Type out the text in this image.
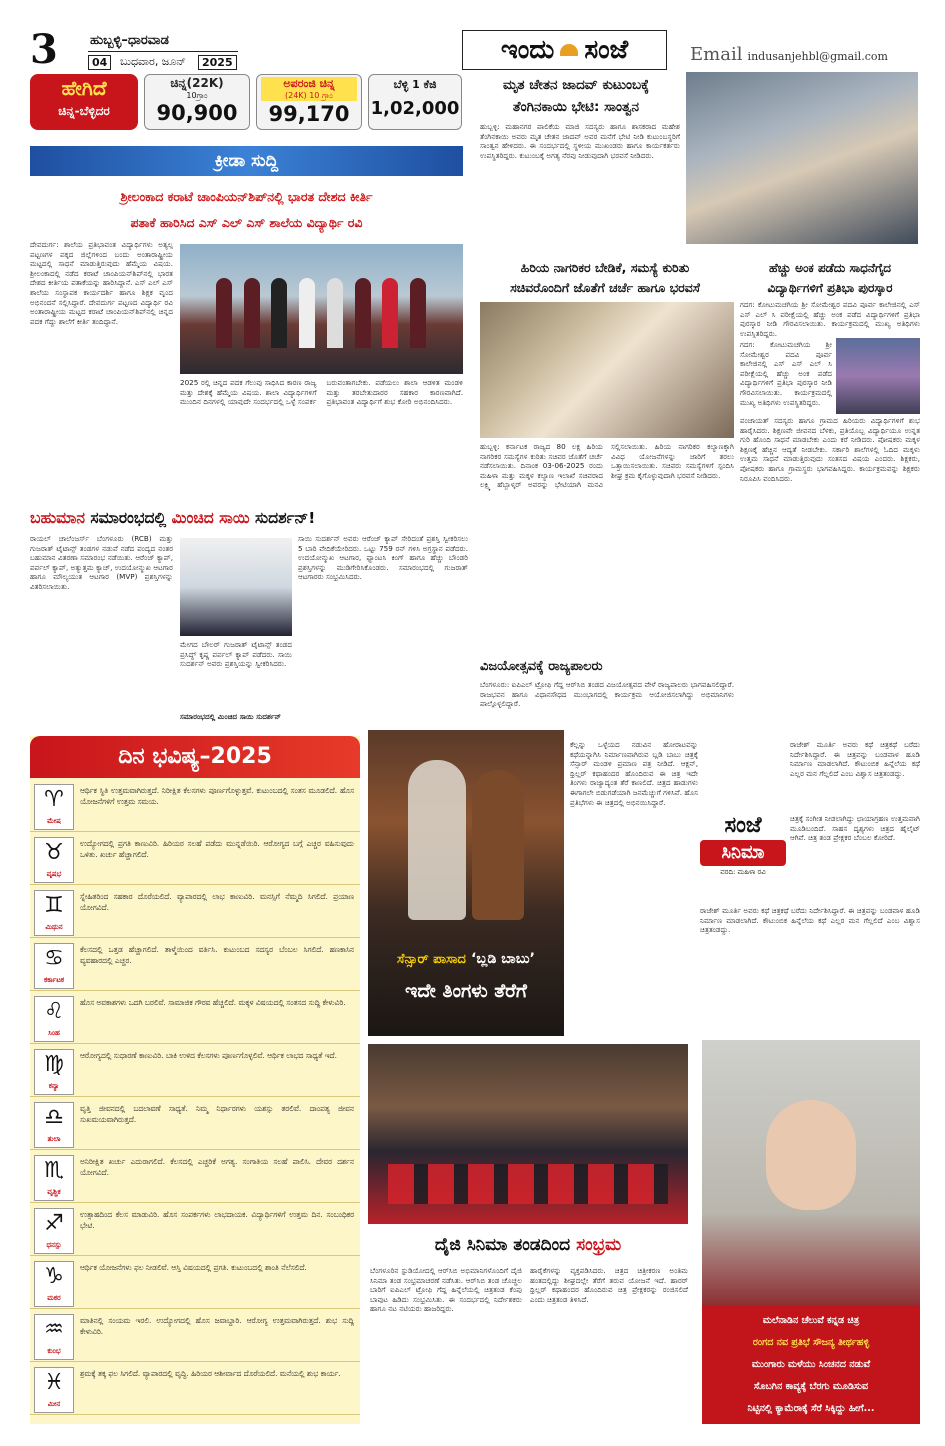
3 ಹುಬ್ಬಳ್ಳಿ–ಧಾರವಾಡ
04	ಬುಧವಾರ, ಜೂನ್	2025	ಇಂದು ಸಂಜೆ	Email indusanjehbl@gmail.com
ಹೇಗಿದೆ
ಚಿನ್ನ-ಬೆಳ್ಳಿದರ
ಚಿನ್ನ(22K)
10ಗ್ರಾಂ
90,900
ಅಪರಂಜಿ ಚಿನ್ನ
(24K) 10 ಗ್ರಾಂ
99,170
ಬೆಳ್ಳಿ 1 ಕೆಜಿ
1,02,000
ಕ್ರೀಡಾ ಸುದ್ದಿ
ಶ್ರೀಲಂಕಾದ ಕರಾಟೆ ಚಾಂಪಿಯನ್‌ಶಿಪ್‌ನಲ್ಲಿ ಭಾರತ ದೇಶದ ಕೀರ್ತಿ
ಪತಾಕೆ ಹಾರಿಸಿದ ಎಸ್ ಎಲ್ ಎಸ್ ಶಾಲೆಯ ವಿದ್ಯಾರ್ಥಿ ರವಿ
ದೇವದುರ್ಗ: ಶಾಲೆಯ ಪ್ರತಿಭಾವಂತ ವಿದ್ಯಾರ್ಥಿಗಳು ಅತ್ಯಲ್ಪ ಪಟ್ಟಣಗಳ ಪಕ್ಕದ ಜಿಲ್ಲೆಗಳಿಂದ ಬಂದು ಅಂತಾರಾಷ್ಟ್ರೀಯ ಮಟ್ಟದಲ್ಲಿ ಸಾಧನೆ ಮಾಡುತ್ತಿರುವುದು ಹೆಮ್ಮೆಯ ವಿಷಯ. ಶ್ರೀಲಂಕಾದಲ್ಲಿ ನಡೆದ ಕರಾಟೆ ಚಾಂಪಿಯನ್‌ಶಿಪ್‌ನಲ್ಲಿ ಭಾರತ ದೇಶದ ಕೀರ್ತಿಯ ಪತಾಕೆಯನ್ನು ಹಾರಿಸಿದ್ದಾನೆ. ಎಸ್ ಎಲ್ ಎಸ್ ಶಾಲೆಯ ಸಂಸ್ಥಾಪಕ ಕಾರ್ಯದರ್ಶಿ ಹಾಗೂ ಶಿಕ್ಷಕ ವೃಂದ ಅಭಿನಂದನೆ ಸಲ್ಲಿಸಿದ್ದಾರೆ. ದೇವದುರ್ಗ ಪಟ್ಟಣದ ವಿದ್ಯಾರ್ಥಿ ರವಿ ಅಂತಾರಾಷ್ಟ್ರೀಯ ಮಟ್ಟದ ಕರಾಟೆ ಚಾಂಪಿಯನ್‌ಶಿಪ್‌ನಲ್ಲಿ ಚಿನ್ನದ ಪದಕ ಗೆದ್ದು ಶಾಲೆಗೆ ಕೀರ್ತಿ ತಂದಿದ್ದಾನೆ.
2025 ರಲ್ಲಿ ಚಿನ್ನದ ಪದಕ ಗೆಲುವು ಸಾಧಿಸಿದ ಕಾರಣ ರಾಜ್ಯ ಮತ್ತು ದೇಶಕ್ಕೆ ಹೆಮ್ಮೆಯ ವಿಷಯ. ಶಾಲಾ ವಿದ್ಯಾರ್ಥಿಗಳಿಗೆ ಮುಂದಿನ ದಿನಗಳಲ್ಲಿ ಯಾವುದೇ ಸಂದರ್ಭದಲ್ಲಿ ಒಳ್ಳೆ ಸಂಪರ್ಕ ಬರುವಂತಾಗಬೇಕು. ಪಡೆಯಲು ಶಾಲಾ ಆಡಳಿತ ಮಂಡಳಿ ಮತ್ತು ತರಬೇತುದಾರರ ಸಹಕಾರ ಕಾರಣವಾಗಿದೆ. ಪ್ರತಿಭಾವಂತ ವಿದ್ಯಾರ್ಥಿಗೆ ಶುಭ ಕೋರಿ ಅಭಿನಂದಿಸಿದರು.
ಮೃತ ಚೇತನ ಜಾದವ್ ಕುಟುಂಬಕ್ಕೆ
ತೆಂಗಿನಕಾಯಿ ಭೇಟಿ: ಸಾಂತ್ವನ
ಹುಬ್ಬಳ್ಳಿ: ಮಹಾನಗರ ಪಾಲಿಕೆಯ ಮಾಜಿ ಸದಸ್ಯರು ಹಾಗೂ ಶಾಸಕರಾದ ಮಹೇಶ ತೆಂಗಿನಕಾಯಿ ಅವರು ಮೃತ ಚೇತನ ಜಾದವ್ ಅವರ ಮನೆಗೆ ಭೇಟಿ ನೀಡಿ ಕುಟುಂಬಸ್ಥರಿಗೆ ಸಾಂತ್ವನ ಹೇಳಿದರು. ಈ ಸಂದರ್ಭದಲ್ಲಿ ಸ್ಥಳೀಯ ಮುಖಂಡರು ಹಾಗೂ ಕಾರ್ಯಕರ್ತರು ಉಪಸ್ಥಿತರಿದ್ದರು. ಕುಟುಂಬಕ್ಕೆ ಅಗತ್ಯ ನೆರವು ನೀಡುವುದಾಗಿ ಭರವಸೆ ನೀಡಿದರು.
ಹಿರಿಯ ನಾಗರಿಕರ ಬೇಡಿಕೆ, ಸಮಸ್ಯೆ ಕುರಿತು
ಸಚಿವರೊಂದಿಗೆ ಜೊತೆಗೆ ಚರ್ಚೆ ಹಾಗೂ ಭರವಸೆ
ಹುಬ್ಬಳ್ಳಿ: ಕರ್ನಾಟಕ ರಾಜ್ಯದ 80 ಲಕ್ಷ ಹಿರಿಯ ನಾಗರಿಕರ ಸಮಸ್ಯೆಗಳ ಕುರಿತು ಸಚಿವರ ಜೊತೆಗೆ ಚರ್ಚೆ ನಡೆಸಲಾಯಿತು. ದಿನಾಂಕ 03-06-2025 ರಂದು ಮಹಿಳಾ ಮತ್ತು ಮಕ್ಕಳ ಕಲ್ಯಾಣ ಇಲಾಖೆ ಸಚಿವರಾದ ಲಕ್ಷ್ಮಿ ಹೆಬ್ಬಾಳ್ಕರ್ ಅವರನ್ನು ಭೇಟಿಯಾಗಿ ಮನವಿ ಸಲ್ಲಿಸಲಾಯಿತು. ಹಿರಿಯ ನಾಗರಿಕರ ಕಲ್ಯಾಣಕ್ಕಾಗಿ ವಿವಿಧ ಯೋಜನೆಗಳನ್ನು ಜಾರಿಗೆ ತರಲು ಒತ್ತಾಯಿಸಲಾಯಿತು. ಸಚಿವರು ಸಮಸ್ಯೆಗಳಿಗೆ ಸ್ಪಂದಿಸಿ ಶೀಘ್ರ ಕ್ರಮ ಕೈಗೊಳ್ಳುವುದಾಗಿ ಭರವಸೆ ನೀಡಿದರು.
ಹೆಚ್ಚು ಅಂಕ ಪಡೆದು ಸಾಧನೆಗೈದ
ವಿದ್ಯಾರ್ಥಿಗಳಿಗೆ ಪ್ರತಿಭಾ ಪುರಸ್ಕಾರ
ಗದಗ: ಕೋಟುಮಚಗಿಯ ಶ್ರೀ ಸೋಮೇಶ್ವರ ಪದವಿ ಪೂರ್ವ ಕಾಲೇಜಿನಲ್ಲಿ ಎಸ್ ಎಸ್ ಎಲ್ ಸಿ ಪರೀಕ್ಷೆಯಲ್ಲಿ ಹೆಚ್ಚು ಅಂಕ ಪಡೆದ ವಿದ್ಯಾರ್ಥಿಗಳಿಗೆ ಪ್ರತಿಭಾ ಪುರಸ್ಕಾರ ನೀಡಿ ಗೌರವಿಸಲಾಯಿತು. ಕಾರ್ಯಕ್ರಮದಲ್ಲಿ ಮುಖ್ಯ ಅತಿಥಿಗಳು ಉಪಸ್ಥಿತರಿದ್ದರು.
ಗದಗ: ಕೋಟುಮಚಗಿಯ ಶ್ರೀ ಸೋಮೇಶ್ವರ ಪದವಿ ಪೂರ್ವ ಕಾಲೇಜಿನಲ್ಲಿ ಎಸ್ ಎಸ್ ಎಲ್ ಸಿ ಪರೀಕ್ಷೆಯಲ್ಲಿ ಹೆಚ್ಚು ಅಂಕ ಪಡೆದ ವಿದ್ಯಾರ್ಥಿಗಳಿಗೆ ಪ್ರತಿಭಾ ಪುರಸ್ಕಾರ ನೀಡಿ ಗೌರವಿಸಲಾಯಿತು. ಕಾರ್ಯಕ್ರಮದಲ್ಲಿ ಮುಖ್ಯ ಅತಿಥಿಗಳು ಉಪಸ್ಥಿತರಿದ್ದರು.
ಪಂಚಾಯತ್ ಸದಸ್ಯರು ಹಾಗೂ ಗ್ರಾಮದ ಹಿರಿಯರು ವಿದ್ಯಾರ್ಥಿಗಳಿಗೆ ಶುಭ ಹಾರೈಸಿದರು. ಶಿಕ್ಷಣವೇ ಜೀವನದ ಬೆಳಕು, ಪ್ರತಿಯೊಬ್ಬ ವಿದ್ಯಾರ್ಥಿಯೂ ಉನ್ನತ ಗುರಿ ಹೊಂದಿ ಸಾಧನೆ ಮಾಡಬೇಕು ಎಂದು ಕರೆ ನೀಡಿದರು. ಪೋಷಕರು ಮಕ್ಕಳ ಶಿಕ್ಷಣಕ್ಕೆ ಹೆಚ್ಚಿನ ಆದ್ಯತೆ ನೀಡಬೇಕು. ಸರ್ಕಾರಿ ಶಾಲೆಗಳಲ್ಲಿ ಓದಿದ ಮಕ್ಕಳು ಉತ್ತಮ ಸಾಧನೆ ಮಾಡುತ್ತಿರುವುದು ಸಂತಸದ ವಿಷಯ ಎಂದರು. ಶಿಕ್ಷಕರು, ಪೋಷಕರು ಹಾಗೂ ಗ್ರಾಮಸ್ಥರು ಭಾಗವಹಿಸಿದ್ದರು. ಕಾರ್ಯಕ್ರಮವನ್ನು ಶಿಕ್ಷಕರು ನಿರೂಪಿಸಿ ವಂದಿಸಿದರು.
ಬಹುಮಾನ ಸಮಾರಂಭದಲ್ಲಿ ಮಿಂಚಿದ ಸಾಯಿ ಸುದರ್ಶನ್!
ರಾಯಲ್ ಚಾಲೆಂಜರ್ಸ್ ಬೆಂಗಳೂರು (RCB) ಮತ್ತು ಗುಜರಾತ್ ಟೈಟಾನ್ಸ್ ತಂಡಗಳ ನಡುವೆ ನಡೆದ ಪಂದ್ಯದ ನಂತರ ಬಹುಮಾನ ವಿತರಣಾ ಸಮಾರಂಭ ನಡೆಯಿತು. ಆರೆಂಜ್ ಕ್ಯಾಪ್, ಪರ್ಪಲ್ ಕ್ಯಾಪ್, ಅತ್ಯುತ್ತಮ ಕ್ಯಾಚ್, ಉದಯೋನ್ಮುಖ ಆಟಗಾರ ಹಾಗೂ ಮೌಲ್ಯಯುತ ಆಟಗಾರ (MVP) ಪ್ರಶಸ್ತಿಗಳನ್ನು ವಿತರಿಸಲಾಯಿತು.
ಮೇಗದ ಬೌಲರ್ ಗುಜರಾತ್ ಟೈಟಾನ್ಸ್ ತಂಡದ ಪ್ರಸಿದ್ಧ್ ಕೃಷ್ಣ ಪರ್ಪಲ್ ಕ್ಯಾಪ್ ಪಡೆದರು. ಸಾಯಿ ಸುದರ್ಶನ್ ಅವರು ಪ್ರಶಸ್ತಿಯನ್ನು ಸ್ವೀಕರಿಸಿದರು.
ಸಮಾರಂಭದಲ್ಲಿ ಮಿಂಚಿದ ಸಾಯಿ ಸುದರ್ಶನ್
ಸಾಯಿ ಸುದರ್ಶನ್ ಅವರು ಆರೆಂಜ್ ಕ್ಯಾಪ್ ಸೇರಿದಂತೆ ಪ್ರಶಸ್ತಿ ಸ್ವೀಕರಿಸಲು 5 ಬಾರಿ ವೇದಿಕೆಯೇರಿದರು. ಒಟ್ಟು 759 ರನ್ ಗಳಿಸಿ ಅಗ್ರಸ್ಥಾನ ಪಡೆದರು. ಉದಯೋನ್ಮುಖ ಆಟಗಾರ, ಫ್ಯಾಂಟಸಿ ಕಿಂಗ್ ಹಾಗೂ ಹೆಚ್ಚು ಬೌಂಡರಿ ಪ್ರಶಸ್ತಿಗಳನ್ನು ಮುಡಿಗೇರಿಸಿಕೊಂಡರು. ಸಮಾರಂಭದಲ್ಲಿ ಗುಜರಾತ್ ಆಟಗಾರರು ಸಂಭ್ರಮಿಸಿದರು.
ವಿಜಯೋತ್ಸವಕ್ಕೆ ರಾಜ್ಯಪಾಲರು
ಬೆಂಗಳೂರು: ಐಪಿಎಲ್ ಟ್ರೋಫಿ ಗೆದ್ದ ಆರ್‌ಸಿಬಿ ತಂಡದ ವಿಜಯೋತ್ಸವದ ವೇಳೆ ರಾಜ್ಯಪಾಲರು ಭಾಗವಹಿಸಲಿದ್ದಾರೆ. ರಾಜಭವನ ಹಾಗೂ ವಿಧಾನಸೌಧದ ಮುಂಭಾಗದಲ್ಲಿ ಕಾರ್ಯಕ್ರಮ ಆಯೋಜಿಸಲಾಗಿದ್ದು ಅಭಿಮಾನಿಗಳು ಪಾಲ್ಗೊಳ್ಳಲಿದ್ದಾರೆ.
ದಿನ ಭವಿಷ್ಯ–2025
♈
ಮೇಷ
ಆರ್ಥಿಕ ಸ್ಥಿತಿ ಉತ್ತಮವಾಗಿರುತ್ತದೆ. ನಿರೀಕ್ಷಿತ ಕೆಲಸಗಳು ಪೂರ್ಣಗೊಳ್ಳುತ್ತವೆ. ಕುಟುಂಬದಲ್ಲಿ ಸಂತಸ ಮೂಡಲಿದೆ. ಹೊಸ ಯೋಜನೆಗಳಿಗೆ ಉತ್ತಮ ಸಮಯ.
♉
ವೃಷಭ
ಉದ್ಯೋಗದಲ್ಲಿ ಪ್ರಗತಿ ಕಾಣುವಿರಿ. ಹಿರಿಯರ ಸಲಹೆ ಪಡೆದು ಮುನ್ನಡೆಯಿರಿ. ಆರೋಗ್ಯದ ಬಗ್ಗೆ ಎಚ್ಚರ ವಹಿಸುವುದು ಒಳಿತು. ಖರ್ಚು ಹೆಚ್ಚಾಗಲಿದೆ.
♊
ಮಿಥುನ
ಸ್ನೇಹಿತರಿಂದ ಸಹಕಾರ ದೊರೆಯಲಿದೆ. ವ್ಯಾಪಾರದಲ್ಲಿ ಲಾಭ ಕಾಣುವಿರಿ. ಮನಸ್ಸಿಗೆ ನೆಮ್ಮದಿ ಸಿಗಲಿದೆ. ಪ್ರಯಾಣ ಯೋಗವಿದೆ.
♋
ಕರ್ಕಾಟಕ
ಕೆಲಸದಲ್ಲಿ ಒತ್ತಡ ಹೆಚ್ಚಾಗಲಿದೆ. ತಾಳ್ಮೆಯಿಂದ ವರ್ತಿಸಿ. ಕುಟುಂಬದ ಸದಸ್ಯರ ಬೆಂಬಲ ಸಿಗಲಿದೆ. ಹಣಕಾಸಿನ ವ್ಯವಹಾರದಲ್ಲಿ ಎಚ್ಚರ.
♌
ಸಿಂಹ
ಹೊಸ ಅವಕಾಶಗಳು ಒದಗಿ ಬರಲಿವೆ. ಸಾಮಾಜಿಕ ಗೌರವ ಹೆಚ್ಚಲಿದೆ. ಮಕ್ಕಳ ವಿಷಯದಲ್ಲಿ ಸಂತಸದ ಸುದ್ದಿ ಕೇಳುವಿರಿ.
♍
ಕನ್ಯಾ
ಆರೋಗ್ಯದಲ್ಲಿ ಸುಧಾರಣೆ ಕಾಣುವಿರಿ. ಬಾಕಿ ಉಳಿದ ಕೆಲಸಗಳು ಪೂರ್ಣಗೊಳ್ಳಲಿವೆ. ಆರ್ಥಿಕ ಲಾಭದ ಸಾಧ್ಯತೆ ಇದೆ.
♎
ತುಲಾ
ವೃತ್ತಿ ಜೀವನದಲ್ಲಿ ಬದಲಾವಣೆ ಸಾಧ್ಯತೆ. ನಿಮ್ಮ ನಿರ್ಧಾರಗಳು ಯಶಸ್ಸು ತರಲಿವೆ. ದಾಂಪತ್ಯ ಜೀವನ ಸುಖಮಯವಾಗಿರುತ್ತದೆ.
♏
ವೃಶ್ಚಿಕ
ಅನಿರೀಕ್ಷಿತ ಖರ್ಚು ಎದುರಾಗಲಿದೆ. ಕೆಲಸದಲ್ಲಿ ಎಚ್ಚರಿಕೆ ಅಗತ್ಯ. ಸಂಗಾತಿಯ ಸಲಹೆ ಪಾಲಿಸಿ. ದೇವರ ದರ್ಶನ ಯೋಗವಿದೆ.
♐
ಧನಸ್ಸು
ಉತ್ಸಾಹದಿಂದ ಕೆಲಸ ಮಾಡುವಿರಿ. ಹೊಸ ಸಂಪರ್ಕಗಳು ಲಾಭದಾಯಕ. ವಿದ್ಯಾರ್ಥಿಗಳಿಗೆ ಉತ್ತಮ ದಿನ. ಸಂಬಂಧಿಕರ ಭೇಟಿ.
♑
ಮಕರ
ಆರ್ಥಿಕ ಯೋಜನೆಗಳು ಫಲ ನೀಡಲಿವೆ. ಆಸ್ತಿ ವಿಷಯದಲ್ಲಿ ಪ್ರಗತಿ. ಕುಟುಂಬದಲ್ಲಿ ಶಾಂತಿ ನೆಲೆಸಲಿದೆ.
♒
ಕುಂಭ
ಮಾತಿನಲ್ಲಿ ಸಂಯಮ ಇರಲಿ. ಉದ್ಯೋಗದಲ್ಲಿ ಹೊಸ ಜವಾಬ್ದಾರಿ. ಆರೋಗ್ಯ ಉತ್ತಮವಾಗಿರುತ್ತದೆ. ಶುಭ ಸುದ್ದಿ ಕೇಳುವಿರಿ.
♓
ಮೀನ
ಶ್ರಮಕ್ಕೆ ತಕ್ಕ ಫಲ ಸಿಗಲಿದೆ. ವ್ಯಾಪಾರದಲ್ಲಿ ವೃದ್ಧಿ. ಹಿರಿಯರ ಆಶೀರ್ವಾದ ದೊರೆಯಲಿದೆ. ಮನೆಯಲ್ಲಿ ಶುಭ ಕಾರ್ಯ.
ಸೆನ್ಸಾರ್ ಪಾಸಾದ ‘ಬ್ಲಡಿ ಬಾಬು’
ಇದೇ ತಿಂಗಳು ತೆರೆಗೆ
ಕೆಲ್ಲನ್ನು ಒಳ್ಳೆಯದ ನಡುವಿನ ಹೋರಾಟವನ್ನು ಕಥೆಯನ್ನಾಗಿಸಿ ನಿರ್ಮಾಣವಾಗಿರುವ ಬ್ಲಡಿ ಬಾಬು ಚಿತ್ರಕ್ಕೆ ಸೆನ್ಸಾರ್ ಮಂಡಳಿ ಪ್ರಮಾಣ ಪತ್ರ ನೀಡಿದೆ. ಆಕ್ಷನ್, ಥ್ರಿಲ್ಲರ್ ಕಥಾಹಂದರ ಹೊಂದಿರುವ ಈ ಚಿತ್ರ ಇದೇ ತಿಂಗಳು ರಾಜ್ಯಾದ್ಯಂತ ತೆರೆ ಕಾಣಲಿದೆ. ಚಿತ್ರದ ಹಾಡುಗಳು ಈಗಾಗಲೇ ಬಿಡುಗಡೆಯಾಗಿ ಜನಮೆಚ್ಚುಗೆ ಗಳಿಸಿವೆ. ಹೊಸ ಪ್ರತಿಭೆಗಳು ಈ ಚಿತ್ರದಲ್ಲಿ ಅಭಿನಯಿಸಿದ್ದಾರೆ.
ಸಂಜೆ
ಸಿನಿಮಾ
ವರದಿ: ಮಹಿಳಾ ರವಿ
ರಾಜೇಶ್ ಮೂರ್ತಿ ಅವರು ಕಥೆ ಚಿತ್ರಕಥೆ ಬರೆದು ನಿರ್ದೇಶಿಸಿದ್ದಾರೆ. ಈ ಚಿತ್ರವನ್ನು ಬಂಡವಾಳ ಹೂಡಿ ನಿರ್ಮಾಣ ಮಾಡಲಾಗಿದೆ. ಕೌಟುಂಬಿಕ ಹಿನ್ನೆಲೆಯ ಕಥೆ ಎಲ್ಲರ ಮನ ಗೆಲ್ಲಲಿದೆ ಎಂಬ ವಿಶ್ವಾಸ ಚಿತ್ರತಂಡದ್ದು.
ಚಿತ್ರಕ್ಕೆ ಸಂಗೀತ ನೀಡಲಾಗಿದ್ದು ಛಾಯಾಗ್ರಹಣ ಉತ್ತಮವಾಗಿ ಮೂಡಿಬಂದಿದೆ. ಸಾಹಸ ದೃಶ್ಯಗಳು ಚಿತ್ರದ ಹೈಲೈಟ್ ಆಗಿವೆ. ಚಿತ್ರ ತಂಡ ಪ್ರೇಕ್ಷಕರ ಬೆಂಬಲ ಕೋರಿದೆ.
ರಾಜೇಶ್ ಮೂರ್ತಿ ಅವರು ಕಥೆ ಚಿತ್ರಕಥೆ ಬರೆದು ನಿರ್ದೇಶಿಸಿದ್ದಾರೆ. ಈ ಚಿತ್ರವನ್ನು ಬಂಡವಾಳ ಹೂಡಿ ನಿರ್ಮಾಣ ಮಾಡಲಾಗಿದೆ. ಕೌಟುಂಬಿಕ ಹಿನ್ನೆಲೆಯ ಕಥೆ ಎಲ್ಲರ ಮನ ಗೆಲ್ಲಲಿದೆ ಎಂಬ ವಿಶ್ವಾಸ ಚಿತ್ರತಂಡದ್ದು.
ದೈಜಿ ಸಿನಿಮಾ ತಂಡದಿಂದ ಸಂಭ್ರಮ
ಬೆಂಗಳೂರಿನ ಸ್ಟುಡಿಯೋದಲ್ಲಿ ಆರ್‌ಸಿಬಿ ಅಭಿಮಾನಿಗಳೊಂದಿಗೆ ದೈಜಿ ಸಿನಿಮಾ ತಂಡ ಸಂಭ್ರಮಾಚರಣೆ ನಡೆಸಿತು. ಆರ್‌ಸಿಬಿ ತಂಡ ಚೊಚ್ಚಲ ಬಾರಿಗೆ ಐಪಿಎಲ್ ಟ್ರೋಫಿ ಗೆದ್ದ ಹಿನ್ನೆಲೆಯಲ್ಲಿ ಚಿತ್ರತಂಡ ಕೆಂಪು ಬಾವುಟ ಹಿಡಿದು ಸಂಭ್ರಮಿಸಿತು. ಈ ಸಂದರ್ಭದಲ್ಲಿ ನಿರ್ದೇಶಕರು ಹಾಗೂ ನಟ ನಟಿಯರು ಹಾಜರಿದ್ದರು.
ಹಾರೈಕೆಗಳನ್ನು ವ್ಯಕ್ತಪಡಿಸಿದರು. ಚಿತ್ರದ ಚಿತ್ರೀಕರಣ ಅಂತಿಮ ಹಂತದಲ್ಲಿದ್ದು ಶೀಘ್ರದಲ್ಲೇ ತೆರೆಗೆ ತರುವ ಯೋಜನೆ ಇದೆ. ಹಾರರ್ ಥ್ರಿಲ್ಲರ್ ಕಥಾಹಂದರ ಹೊಂದಿರುವ ಚಿತ್ರ ಪ್ರೇಕ್ಷಕರನ್ನು ರಂಜಿಸಲಿದೆ ಎಂದು ಚಿತ್ರತಂಡ ತಿಳಿಸಿದೆ.
ಮಲೆನಾಡಿನ ಚೆಲುವೆ ಕನ್ನಡ ಚಿತ್ರ
ರಂಗದ ನವ ಪ್ರತಿಭೆ ಸೌಜನ್ಯ ತೀರ್ಥಹಳ್ಳಿ
ಮುಂಗಾರು ಮಳೆಯು ಸಿಂಚನದ ನಡುವೆ
ಸೊಬಗಿನ ಕಾವ್ಯಕ್ಕೆ ಬೆರಗು ಮೂಡಿಸುವ
ನಿಟ್ಟಿನಲ್ಲಿ ಕ್ಯಾಮೆರಾಕ್ಕೆ ಸೆರೆ ಸಿಕ್ಕಿದ್ದು ಹೀಗೆ...
